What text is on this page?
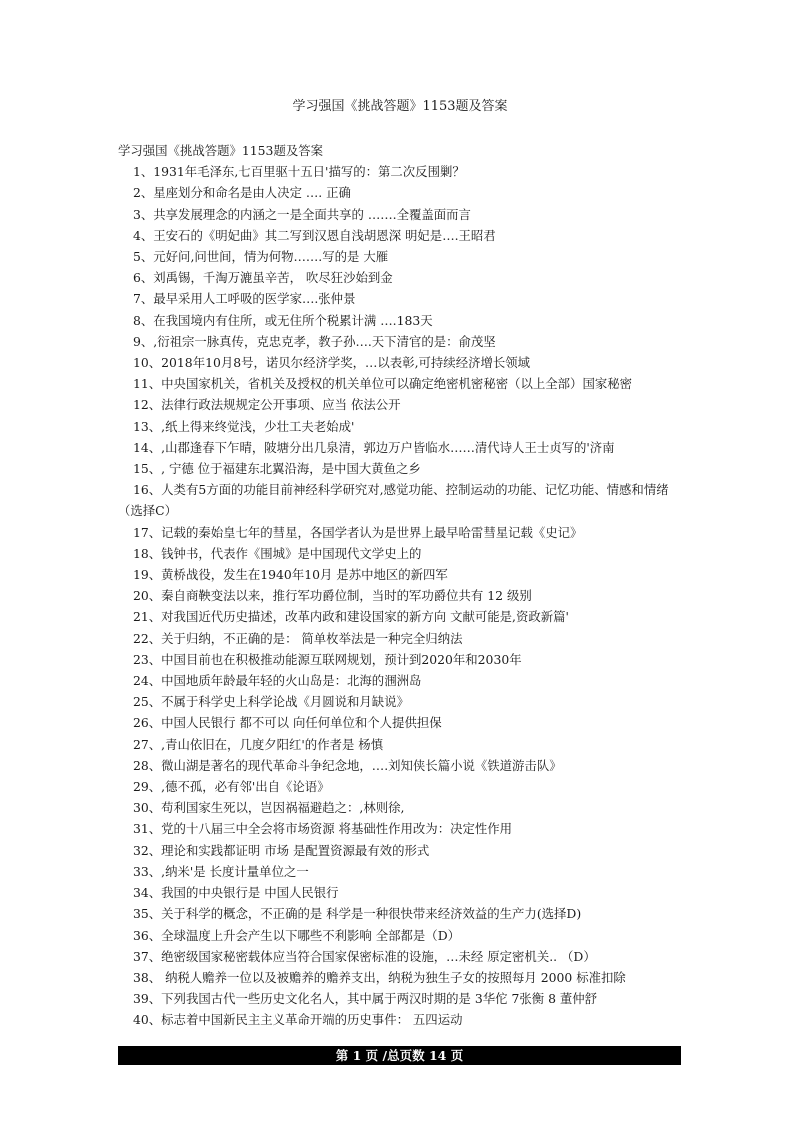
学习强国《挑战答题》1153题及答案
学习强国《挑战答题》1153题及答案
1、1931年毛泽东,七百里驱十五日'描写的：第二次反围剿？
2、星座划分和命名是由人决定 …. 正确
3、共享发展理念的内涵之一是全面共享的 …….全覆盖面而言
4、王安石的《明妃曲》其二写到汉恩自浅胡恩深 明妃是….王昭君
5、元好问,问世间，情为何物…….写的是 大雁
6、刘禹锡，千淘万漉虽辛苦， 吹尽狂沙始到金
7、最早采用人工呼吸的医学家….张仲景
8、在我国境内有住所，或无住所个税累计满 ….183天
9、,衍祖宗一脉真传，克忠克孝，教子孙….天下清官的是：俞茂坚
10、2018年10月8号，诺贝尔经济学奖，…以表彰,可持续经济增长领域
11、中央国家机关，省机关及授权的机关单位可以确定绝密机密秘密（以上全部）国家秘密
12、法律行政法规规定公开事项、应当 依法公开
13、,纸上得来终觉浅，少壮工夫老始成'
14、,山郡逢春下乍晴，陂塘分出几泉清，郭边万户皆临水……清代诗人王士贞写的'济南
15、, 宁德 位于福建东北翼沿海，是中国大黄鱼之乡
16、人类有5方面的功能目前神经科学研究对,感觉功能、控制运动的功能、记忆功能、情感和情绪（选择C）
17、记载的秦始皇七年的彗星，各国学者认为是世界上最早哈雷彗星记载《史记》
18、钱钟书，代表作《围城》是中国现代文学史上的
19、黄桥战役，发生在1940年10月 是苏中地区的新四军
20、秦自商鞅变法以来，推行军功爵位制，当时的军功爵位共有 12 级别
21、对我国近代历史描述，改革内政和建设国家的新方向 文献可能是,资政新篇'
22、关于归纳，不正确的是： 简单枚举法是一种完全归纳法
23、中国目前也在积极推动能源互联网规划，预计到2020年和2030年
24、中国地质年龄最年轻的火山岛是：北海的涠洲岛
25、不属于科学史上科学论战《月圆说和月缺说》
26、中国人民银行 都不可以 向任何单位和个人提供担保
27、,青山依旧在，几度夕阳红'的作者是 杨慎
28、微山湖是著名的现代革命斗争纪念地，….刘知侠长篇小说《铁道游击队》
29、,德不孤，必有邻'出自《论语》
30、苟利国家生死以，岂因祸福避趋之：,林则徐,
31、党的十八届三中全会将市场资源 将基础性作用改为：决定性作用
32、理论和实践都证明 市场 是配置资源最有效的形式
33、,纳米'是 长度计量单位之一
34、我国的中央银行是 中国人民银行
35、关于科学的概念，不正确的是 科学是一种很快带来经济效益的生产力(选择D)
36、全球温度上升会产生以下哪些不利影响 全部都是（D）
37、绝密级国家秘密载体应当符合国家保密标准的设施，…未经 原定密机关.. （D）
38、 纳税人赡养一位以及被赡养的赡养支出，纳税为独生子女的按照每月 2000 标准扣除
39、下列我国古代一些历史文化名人，其中属于两汉时期的是 3华佗 7张衡 8 董仲舒
40、标志着中国新民主主义革命开端的历史事件： 五四运动
第 1 页 /总页数 14 页
